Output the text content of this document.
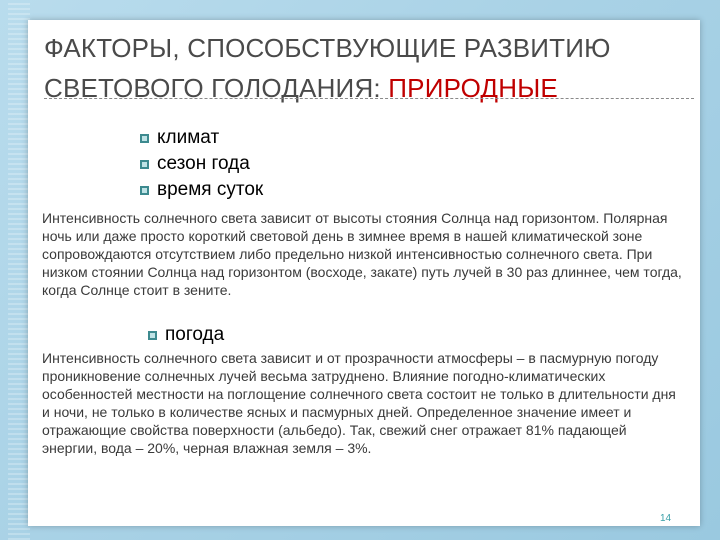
ФАКТОРЫ, СПОСОБСТВУЮЩИЕ РАЗВИТИЮ СВЕТОВОГО ГОЛОДАНИЯ: ПРИРОДНЫЕ
климат
сезон года
время суток
Интенсивность солнечного света зависит от высоты стояния Солнца над горизонтом. Полярная ночь или даже просто короткий световой день в зимнее время в нашей климатической зоне сопровождаются отсутствием либо предельно низкой интенсивностью солнечного света. При низком стоянии Солнца над горизонтом (восходе, закате) путь лучей в 30 раз длиннее, чем тогда, когда Солнце стоит в зените.
погода
Интенсивность солнечного света зависит и от прозрачности атмосферы – в пасмурную погоду проникновение солнечных лучей весьма затруднено. Влияние погодно-климатических особенностей местности на поглощение солнечного света состоит не только в длительности дня и ночи, не только в количестве ясных и пасмурных дней. Определенное значение имеет и отражающие свойства поверхности (альбедо). Так, свежий снег отражает 81% падающей энергии, вода – 20%, черная влажная земля – 3%.
14
